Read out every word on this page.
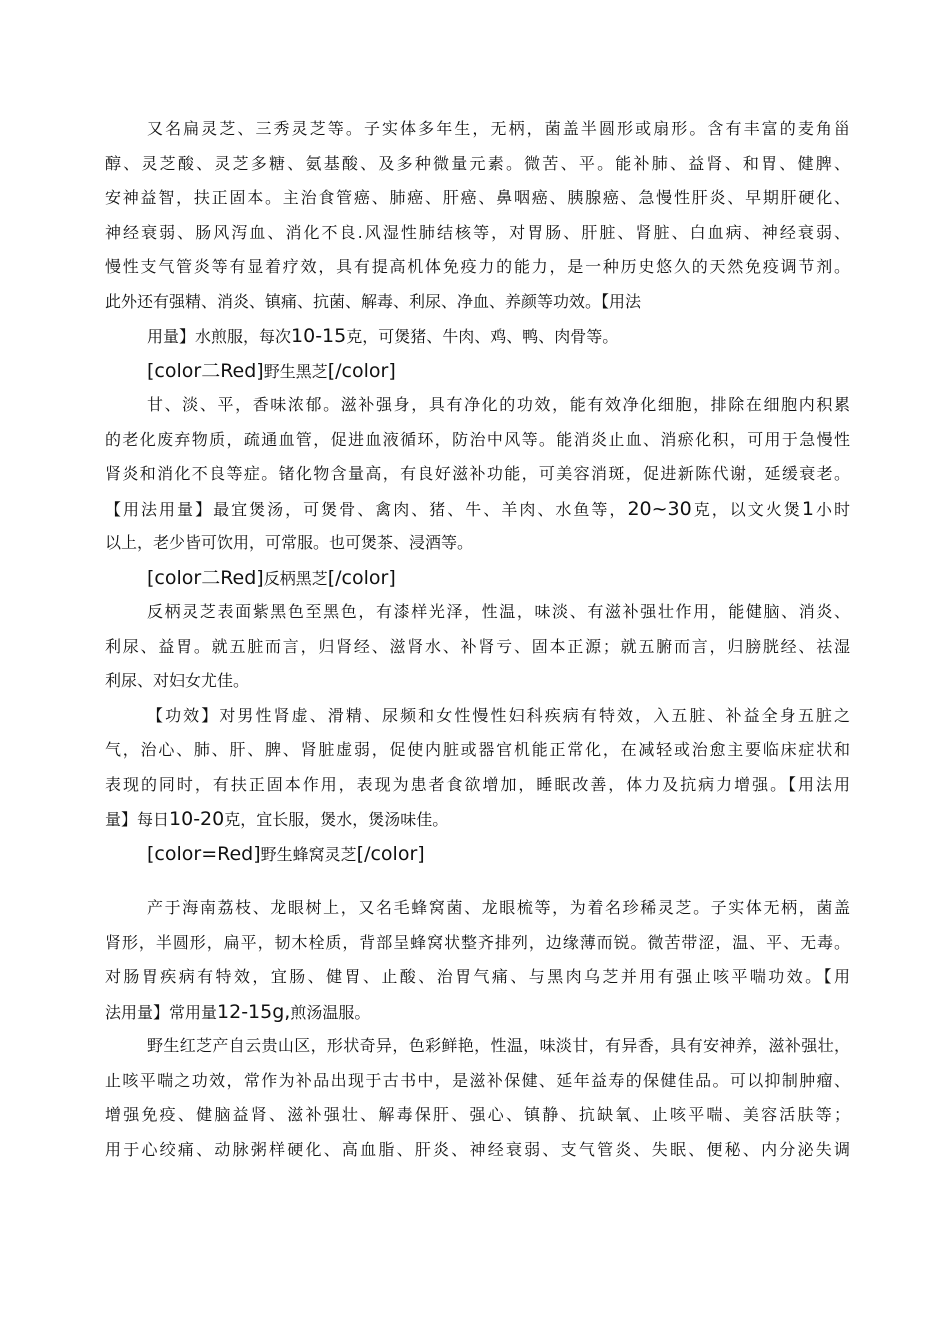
又名扁灵芝、三秀灵芝等。子实体多年生，无柄，菌盖半圆形或扇形。含有丰富的麦角甾
醇、灵芝酸、灵芝多糖、氨基酸、及多种微量元素。微苦、平。能补肺、益肾、和胃、健脾、
安神益智，扶正固本。主治食管癌、肺癌、肝癌、鼻咽癌、胰腺癌、急慢性肝炎、早期肝硬化、
神经衰弱、肠风泻血、消化不良.风湿性肺结核等，对胃肠、肝脏、肾脏、白血病、神经衰弱、
慢性支气管炎等有显着疗效，具有提高机体免疫力的能力，是一种历史悠久的天然免疫调节剂。
此外还有强精、消炎、镇痛、抗菌、解毒、利尿、净血、养颜等功效。【用法
用量】水煎服，每次10-15克，可煲猪、牛肉、鸡、鸭、肉骨等。
[color二Red]野生黑芝[/color]
甘、淡、平，香味浓郁。滋补强身，具有净化的功效，能有效净化细胞，排除在细胞内积累
的老化废弃物质，疏通血管，促进血液循环，防治中风等。能消炎止血、消瘀化积，可用于急慢性
肾炎和消化不良等症。锗化物含量高，有良好滋补功能，可美容消斑，促进新陈代谢，延缓衰老。
【用法用量】最宜煲汤，可煲骨、禽肉、猪、牛、羊肉、水鱼等，20~30克，以文火煲1小时
以上，老少皆可饮用，可常服。也可煲茶、浸酒等。
[color二Red]反柄黑芝[/color]
反柄灵芝表面紫黑色至黑色，有漆样光泽，性温，味淡、有滋补强壮作用，能健脑、消炎、
利尿、益胃。就五脏而言，归肾经、滋肾水、补肾亏、固本正源；就五腑而言，归膀胱经、祛湿
利尿、对妇女尤佳。
【功效】对男性肾虚、滑精、尿频和女性慢性妇科疾病有特效，入五脏、补益全身五脏之
气，治心、肺、肝、脾、肾脏虚弱，促使内脏或器官机能正常化，在减轻或治愈主要临床症状和
表现的同时，有扶正固本作用，表现为患者食欲增加，睡眠改善，体力及抗病力增强。【用法用
量】每日10-20克，宜长服，煲水，煲汤味佳。
[color=Red]野生蜂窝灵芝[/color]
产于海南荔枝、龙眼树上，又名毛蜂窝菌、龙眼梳等，为着名珍稀灵芝。子实体无柄，菌盖
肾形，半圆形，扁平，韧木栓质，背部呈蜂窝状整齐排列，边缘薄而锐。微苦带涩，温、平、无毒。
对肠胃疾病有特效，宜肠、健胃、止酸、治胃气痛、与黑肉乌芝并用有强止咳平喘功效。【用
法用量】常用量12-15g,煎汤温服。
野生红芝产自云贵山区，形状奇异，色彩鲜艳，性温，味淡甘，有异香，具有安神养，滋补强壮，
止咳平喘之功效，常作为补品出现于古书中，是滋补保健、延年益寿的保健佳品。可以抑制肿瘤、
增强免疫、健脑益肾、滋补强壮、解毒保肝、强心、镇静、抗缺氧、止咳平喘、美容活肤等；
用于心绞痛、动脉粥样硬化、高血脂、肝炎、神经衰弱、支气管炎、失眠、便秘、内分泌失调
